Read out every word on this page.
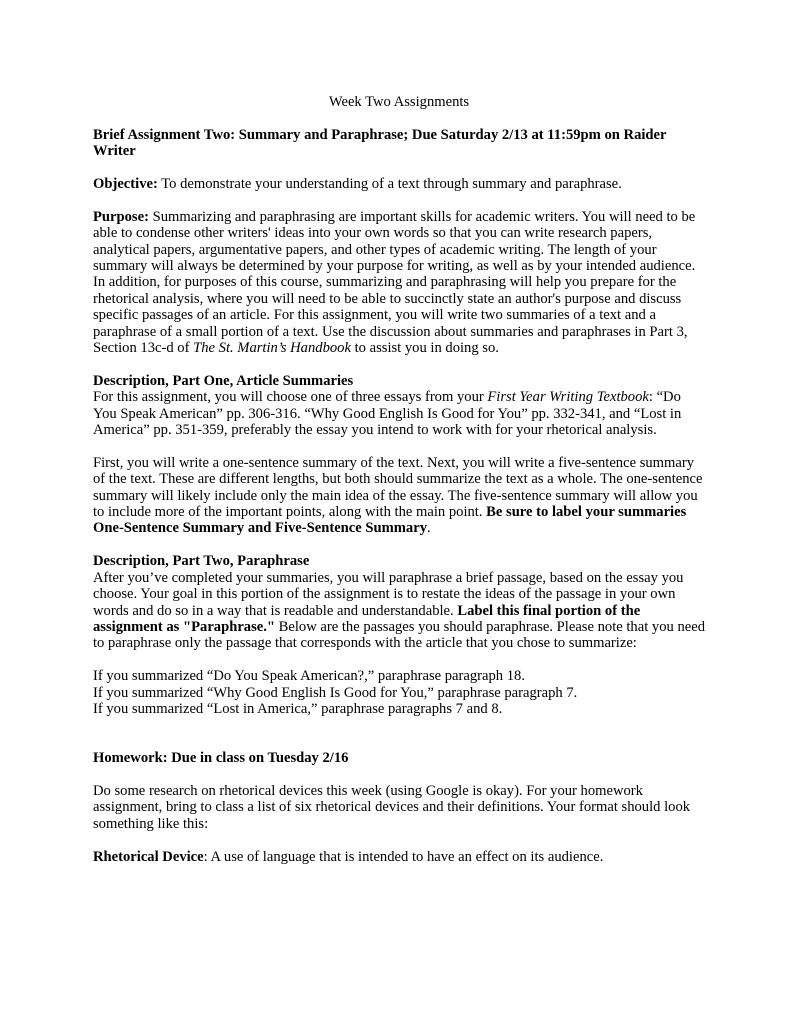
Week Two Assignments

Brief Assignment Two: Summary and Paraphrase; Due Saturday 2/13 at 11:59pm on Raider Writer

Objective: To demonstrate your understanding of a text through summary and paraphrase.

Purpose: Summarizing and paraphrasing are important skills for academic writers. You will need to be able to condense other writers' ideas into your own words so that you can write research papers, analytical papers, argumentative papers, and other types of academic writing. The length of your summary will always be determined by your purpose for writing, as well as by your intended audience.

In addition, for purposes of this course, summarizing and paraphrasing will help you prepare for the rhetorical analysis, where you will need to be able to succinctly state an author's purpose and discuss specific passages of an article. For this assignment, you will write two summaries of a text and a paraphrase of a small portion of a text. Use the discussion about summaries and paraphrases in Part 3, Section 13c-d of The St. Martin’s Handbook to assist you in doing so.

Description, Part One, Article Summaries

For this assignment, you will choose one of three essays from your First Year Writing Textbook: “Do You Speak American” pp. 306-316. “Why Good English Is Good for You” pp. 332-341, and “Lost in America” pp. 351-359, preferably the essay you intend to work with for your rhetorical analysis.

First, you will write a one-sentence summary of the text. Next, you will write a five-sentence summary of the text. These are different lengths, but both should summarize the text as a whole. The one-sentence summary will likely include only the main idea of the essay. The five-sentence summary will allow you to include more of the important points, along with the main point. Be sure to label your summaries One-Sentence Summary and Five-Sentence Summary.

Description, Part Two, Paraphrase

After you’ve completed your summaries, you will paraphrase a brief passage, based on the essay you choose. Your goal in this portion of the assignment is to restate the ideas of the passage in your own words and do so in a way that is readable and understandable. Label this final portion of the assignment as "Paraphrase." Below are the passages you should paraphrase. Please note that you need to paraphrase only the passage that corresponds with the article that you chose to summarize:

If you summarized “Do You Speak American?,” paraphrase paragraph 18.

If you summarized “Why Good English Is Good for You,” paraphrase paragraph 7.

If you summarized “Lost in America,” paraphrase paragraphs 7 and 8.

Homework: Due in class on Tuesday 2/16

Do some research on rhetorical devices this week (using Google is okay). For your homework assignment, bring to class a list of six rhetorical devices and their definitions. Your format should look something like this:

Rhetorical Device: A use of language that is intended to have an effect on its audience.
